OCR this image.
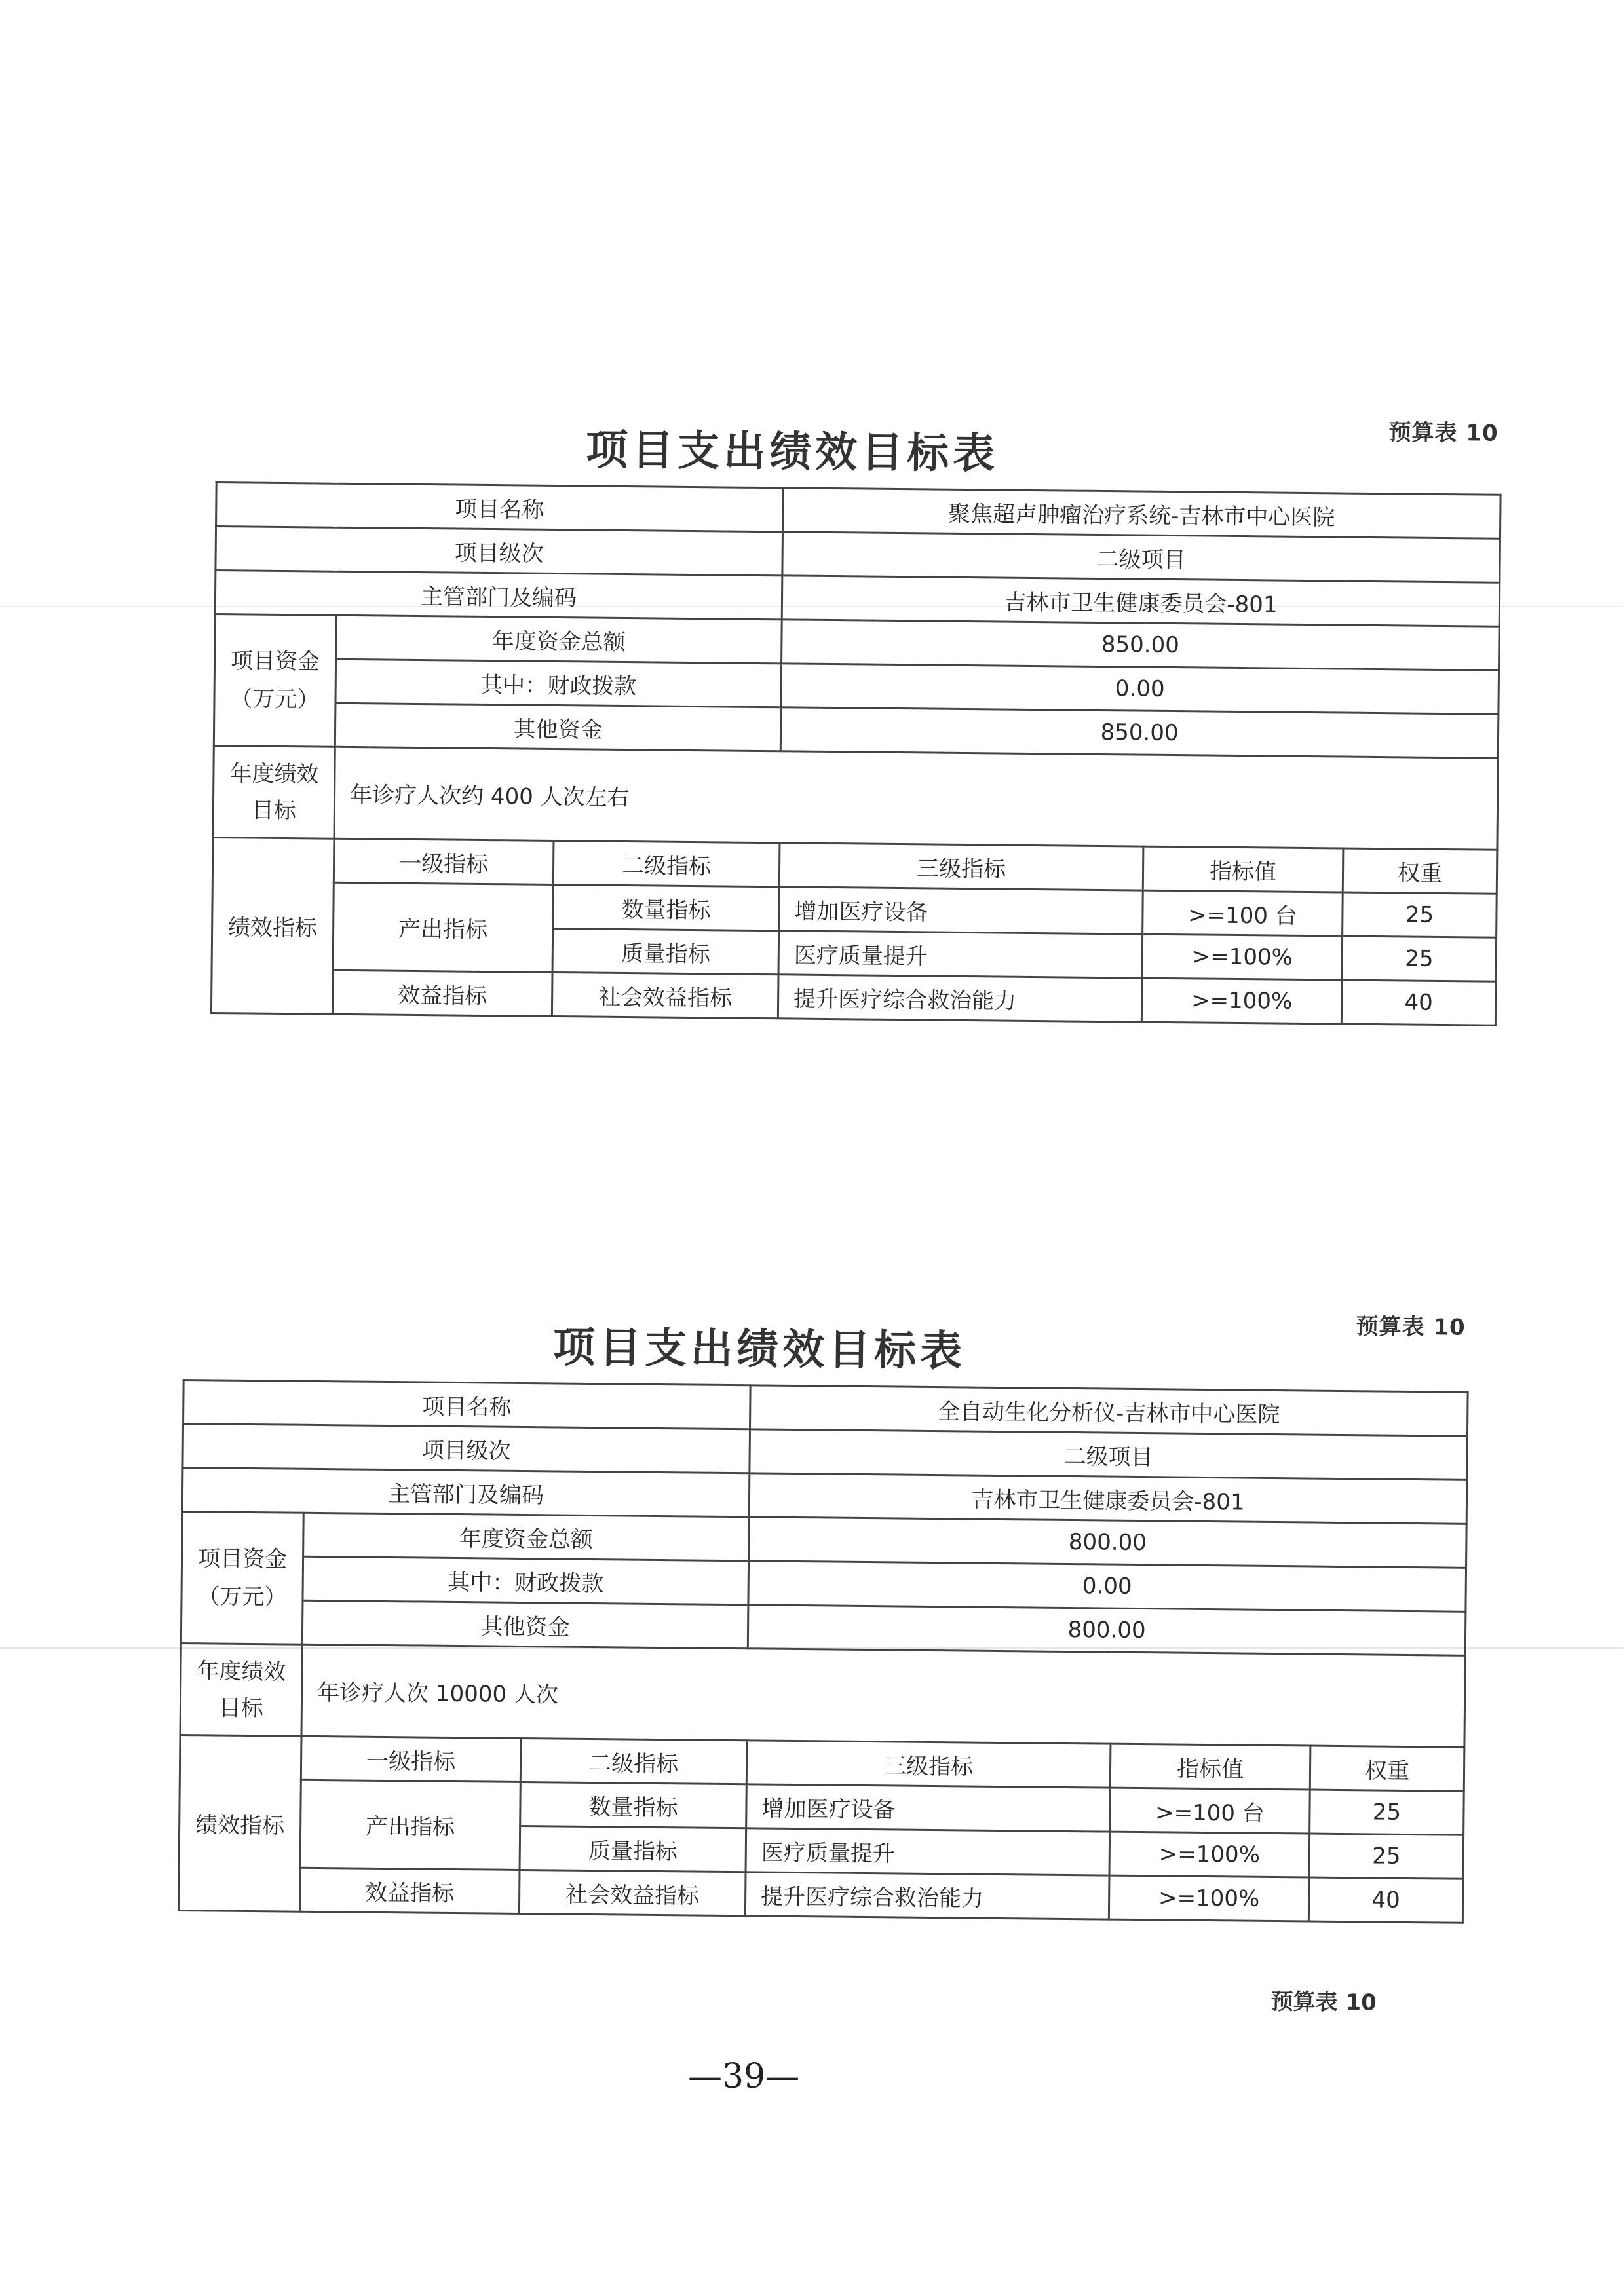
预算表 10
项目支出绩效目标表
项目名称			聚焦超声肿瘤治疗系统-吉林市中心医院		
项目级次			二级项目		
主管部门及编码			吉林市卫生健康委员会-801		
项目资金
（万元）	年度资金总额		850.00		
	其中：财政拨款		0.00		
	其他资金		850.00		
年度绩效
目标	年诊疗人次约 400 人次左右				
绩效指标	一级指标	二级指标	三级指标	指标值	权重
	产出指标	数量指标	增加医疗设备	>=100 台	25
		质量指标	医疗质量提升	>=100%	25
	效益指标	社会效益指标	提升医疗综合救治能力	>=100%	40
预算表 10
项目支出绩效目标表
项目名称			全自动生化分析仪-吉林市中心医院		
项目级次			二级项目		
主管部门及编码			吉林市卫生健康委员会-801		
项目资金
（万元）	年度资金总额		800.00		
	其中：财政拨款		0.00		
	其他资金		800.00		
年度绩效
目标	年诊疗人次 10000 人次				
绩效指标	一级指标	二级指标	三级指标	指标值	权重
	产出指标	数量指标	增加医疗设备	>=100 台	25
		质量指标	医疗质量提升	>=100%	25
	效益指标	社会效益指标	提升医疗综合救治能力	>=100%	40
预算表 10
—39—
